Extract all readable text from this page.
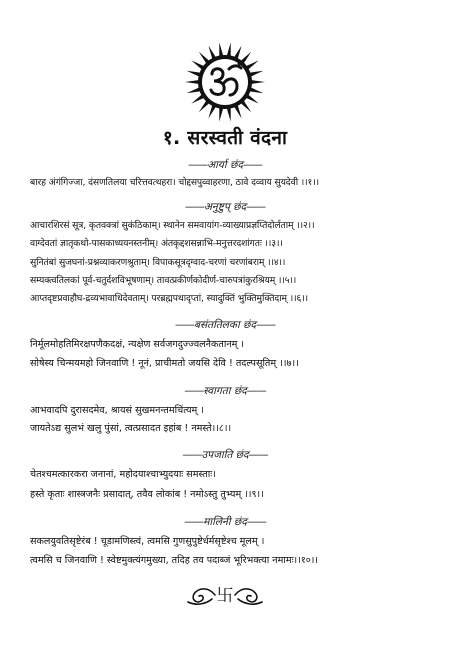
१. सरस्वती वंदना
——आर्या छंद——
बारह अंगंगिज्जा, दंसणतिलया चरित्तवत्थहरा। चोद्दसपुव्वाहरणा, ठावे दव्वाय सुयदेवी ।।१।।
——अनुष्टुप् छंद——
आचारशिरसं सूत्र, कृतवक्त्रां सुकंठिकाम्। स्थानेन समवायांग-व्याख्याप्रज्ञप्तिदोर्लताम् ।।२।।
वाग्देवतां ज्ञातृकथो-पासकाध्ययनस्तनीम्। अंतकृद्दशसन्नाभि-मनुत्तरदशांगतः ।।३।।
सुनितंबां सुजघनां-प्रश्नव्याकरणश्रुताम्। विपाकसूत्रदृग्वाद-चरणां चरणांबराम् ।।४।।
सम्यक्त्वतिलकां पूर्व-चतुर्दशविभूषणाम्। तावत्प्रकीर्णकोदीर्ण-चारुपत्रांकुरश्रियम् ।।५।।
आप्तदृष्टप्रवाहौघ-द्रव्यभावाधिदेवताम्। परब्रह्मपथादृप्तां, स्यादुक्तिं भुक्तिमुक्तिदाम् ।।६।।
——बसंततिलका छंद——
निर्मूलमोहतिमिरक्षपणैकदक्षं, न्यक्षेण सर्वजगदुज्ज्वलनैकतानम् ।
सोषेस्य चिन्मयमहो जिनवाणि ! नूनं, प्राचीमतो जयसि देवि ! तदल्पसूतिम् ।।७।।
——स्वागता छंद——
आभवादपि दुरासदमेव, श्रायसं सुखमनन्तमचिंत्यम् ।
जायतेऽद्य सुलभं खलु पुंसां, त्वत्प्रसादत इहांब ! नमस्ते।।८।।
——उपजाति छंद——
चेतश्चमत्कारकरा जनानां, महोदयाश्चाभ्युदयाः समस्ताः।
हस्ते कृताः शास्त्रजनैः प्रसादात्, तवैव लोकांब ! नमोऽस्तु तुभ्यम् ।।९।।
——मालिनी छंद——
सकलयुवतिसृष्टेरंब ! चूडामणिस्त्वं, त्वमसि गुणसुपुष्टेर्धर्मसृष्टेश्च मूलम् ।
त्वमसि च जिनवाणि ! स्वेष्टमुक्त्यंगमुख्या, तदिह तव पदाब्जं भूरिभक्त्या नमामः।।१०।।
卐
